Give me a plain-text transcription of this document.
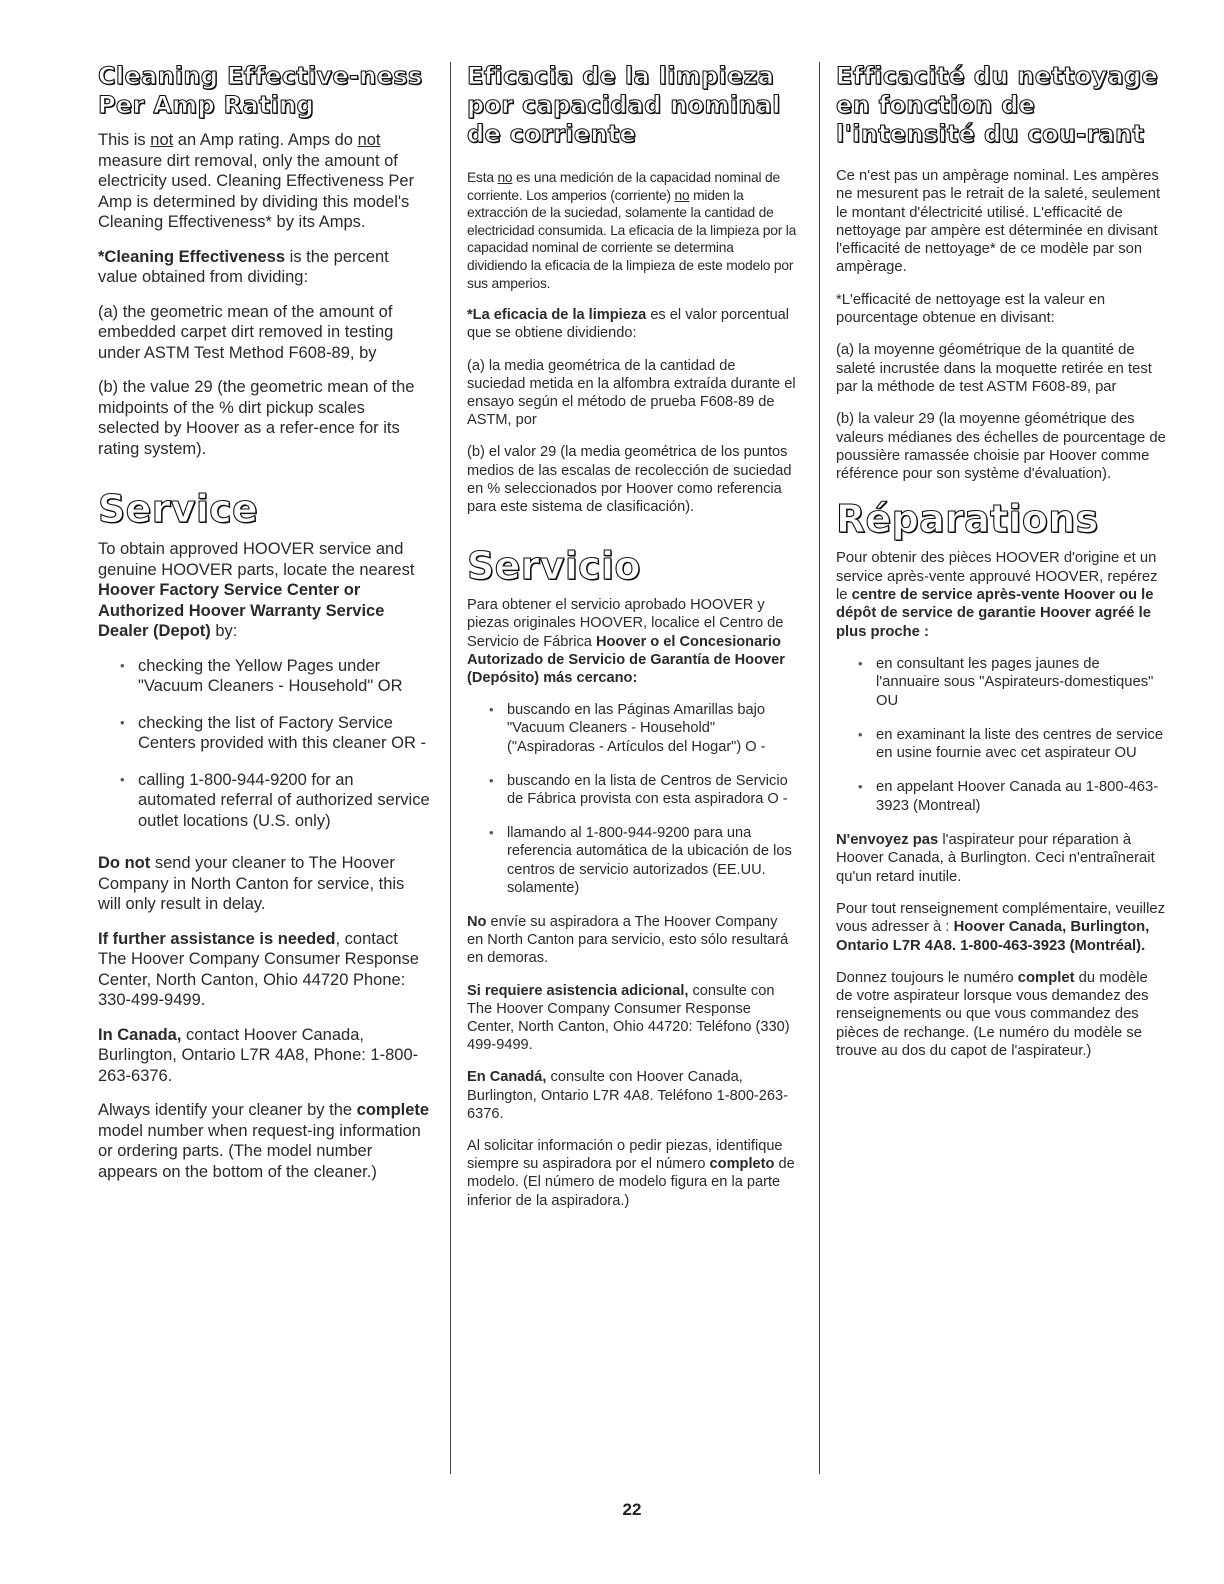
Cleaning Effective-ness Per Amp Rating

This is not an Amp rating. Amps do not measure dirt removal, only the amount of electricity used. Cleaning Effectiveness Per Amp is determined by dividing this model's Cleaning Effectiveness* by its Amps.

*Cleaning Effectiveness is the percent value obtained from dividing:

(a) the geometric mean of the amount of embedded carpet dirt removed in testing under ASTM Test Method F608-89, by

(b) the value 29 (the geometric mean of the midpoints of the % dirt pickup scales selected by Hoover as a refer-ence for its rating system).

Service

To obtain approved HOOVER service and genuine HOOVER parts, locate the nearest Hoover Factory Service Center or Authorized Hoover Warranty Service Dealer (Depot) by:

• checking the Yellow Pages under "Vacuum Cleaners - Household" OR
• checking the list of Factory Service Centers provided with this cleaner OR -
• calling 1-800-944-9200 for an automated referral of authorized service outlet locations (U.S. only)

Do not send your cleaner to The Hoover Company in North Canton for service, this will only result in delay.

If further assistance is needed, contact The Hoover Company Consumer Response Center, North Canton, Ohio 44720 Phone: 330-499-9499.

In Canada, contact Hoover Canada, Burlington, Ontario L7R 4A8, Phone: 1-800-263-6376.

Always identify your cleaner by the complete model number when request-ing information or ordering parts. (The model number appears on the bottom of the cleaner.)

Eficacia de la limpieza por capacidad nominal de corriente

Esta no es una medición de la capacidad nominal de corriente. Los amperios (corriente) no miden la extracción de la suciedad, solamente la cantidad de electricidad consumida. La eficacia de la limpieza por la capacidad nominal de corriente se determina dividiendo la eficacia de la limpieza de este modelo por sus amperios.

*La eficacia de la limpieza es el valor porcentual que se obtiene dividiendo:

(a) la media geométrica de la cantidad de suciedad metida en la alfombra extraída durante el ensayo según el método de prueba F608-89 de ASTM, por

(b) el valor 29 (la media geométrica de los puntos medios de las escalas de recolección de suciedad en % seleccionados por Hoover como referencia para este sistema de clasificación).

Servicio

Para obtener el servicio aprobado HOOVER y piezas originales HOOVER, localice el Centro de Servicio de Fábrica Hoover o el Concesionario Autorizado de Servicio de Garantía de Hoover (Depósito) más cercano:

• buscando en las Páginas Amarillas bajo "Vacuum Cleaners - Household" ("Aspiradoras - Artículos del Hogar") O -
• buscando en la lista de Centros de Servicio de Fábrica provista con esta aspiradora O -
• llamando al 1-800-944-9200 para una referencia automática de la ubicación de los centros de servicio autorizados (EE.UU. solamente)

No envíe su aspiradora a The Hoover Company en North Canton para servicio, esto sólo resultará en demoras.

Si requiere asistencia adicional, consulte con The Hoover Company Consumer Response Center, North Canton, Ohio 44720: Teléfono (330) 499-9499.

En Canadá, consulte con Hoover Canada, Burlington, Ontario L7R 4A8. Teléfono 1-800-263-6376.

Al solicitar información o pedir piezas, identifique siempre su aspiradora por el número completo de modelo. (El número de modelo figura en la parte inferior de la aspiradora.)

Efficacité du nettoyage en fonction de l'intensité du cou-rant

Ce n'est pas un ampèrage nominal. Les ampères ne mesurent pas le retrait de la saleté, seulement le montant d'électricité utilisé. L'efficacité de nettoyage par ampère est déterminée en divisant l'efficacité de nettoyage* de ce modèle par son ampèrage.

*L'efficacité de nettoyage est la valeur en pourcentage obtenue en divisant:

(a) la moyenne géométrique de la quantité de saleté incrustée dans la moquette retirée en test par la méthode de test ASTM F608-89, par

(b) la valeur 29 (la moyenne géométrique des valeurs médianes des échelles de pourcentage de poussière ramassée choisie par Hoover comme référence pour son système d'évaluation).

Réparations

Pour obtenir des pièces HOOVER d'origine et un service après-vente approuvé HOOVER, repérez le centre de service après-vente Hoover ou le dépôt de service de garantie Hoover agréé le plus proche :

• en consultant les pages jaunes de l'annuaire sous "Aspirateurs-domestiques" OU
• en examinant la liste des centres de service en usine fournie avec cet aspirateur OU
• en appelant Hoover Canada au 1-800-463-3923 (Montreal)

N'envoyez pas l'aspirateur pour réparation à Hoover Canada, à Burlington. Ceci n'entraînerait qu'un retard inutile.

Pour tout renseignement complémentaire, veuillez vous adresser à : Hoover Canada, Burlington, Ontario L7R 4A8. 1-800-463-3923 (Montréal).

Donnez toujours le numéro complet du modèle de votre aspirateur lorsque vous demandez des renseignements ou que vous commandez des pièces de rechange. (Le numéro du modèle se trouve au dos du capot de l'aspirateur.)

22
